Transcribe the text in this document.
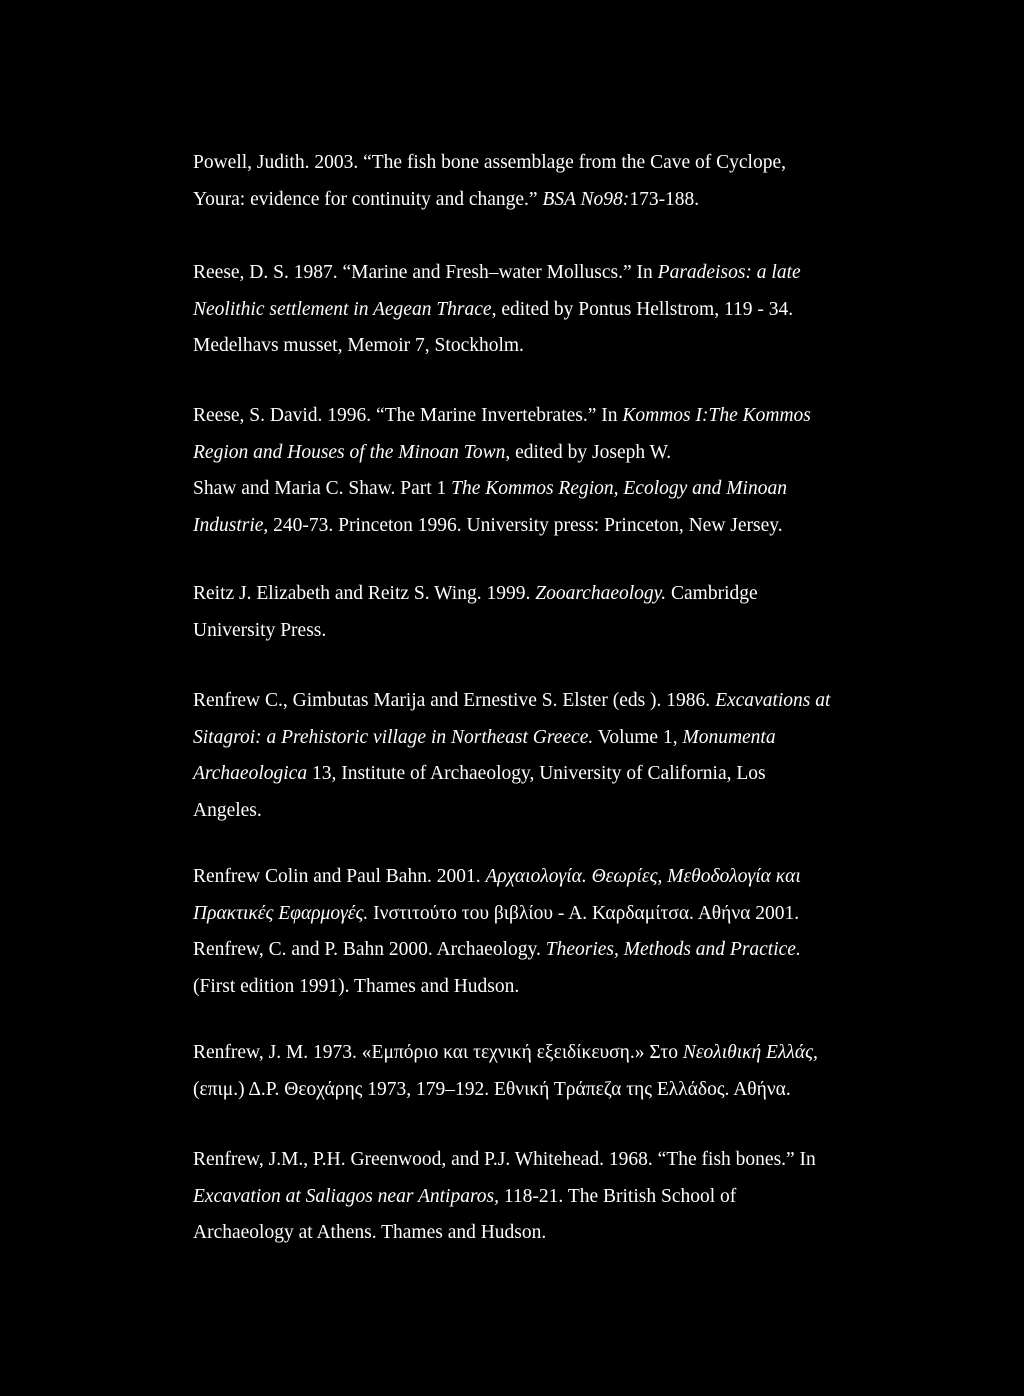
Powell, Judith. 2003. “The fish bone assemblage from the Cave of Cyclope,
Youra: evidence for continuity and change.” BSA No98:173-188.

Reese, D. S. 1987. “Marine and Fresh–water Molluscs.” In Paradeisos: a late
Neolithic settlement in Aegean Thrace, edited by Pontus Hellstrom, 119 - 34.
Medelhavs musset, Memoir 7, Stockholm.

Reese, S. David. 1996. “The Marine Invertebrates.” In Kommos I:The Kommos
Region and Houses of the Minoan Town, edited by Joseph W.
Shaw and Maria C. Shaw. Part 1 The Kommos Region, Ecology and Minoan
Industrie, 240-73. Princeton 1996. University press: Princeton, New Jersey.

Reitz J. Elizabeth and Reitz S. Wing. 1999. Zooarchaeology. Cambridge
University Press.

Renfrew C., Gimbutas Marija and Ernestive S. Elster (eds ). 1986. Excavations at
Sitagroi: a Prehistoric village in Northeast Greece. Volume 1, Monumenta
Archaeologica 13, Institute of Archaeology, University of California, Los
Angeles.

Renfrew Colin and Paul Bahn. 2001. Αρχαιολογία. Θεωρίες, Μεθοδολογία και
Πρακτικές Εφαρμογές. Ινστιτούτο του βιβλίου - Α. Καρδαμίτσα. Αθήνα 2001.
Renfrew, C. and P. Bahn 2000. Archaeology. Theories, Methods and Practice.
(First edition 1991). Thames and Hudson.

Renfrew, J. M. 1973. «Εμπόριο και τεχνική εξειδίκευση.» Στο Νεολιθική Ελλάς,
(επιμ.) Δ.Ρ. Θεοχάρης 1973, 179–192. Εθνική Τράπεζα της Ελλάδος. Αθήνα.

Renfrew, J.M., P.H. Greenwood, and P.J. Whitehead. 1968. “The fish bones.” In
Excavation at Saliagos near Antiparos, 118-21. The British School of
Archaeology at Athens. Thames and Hudson.
